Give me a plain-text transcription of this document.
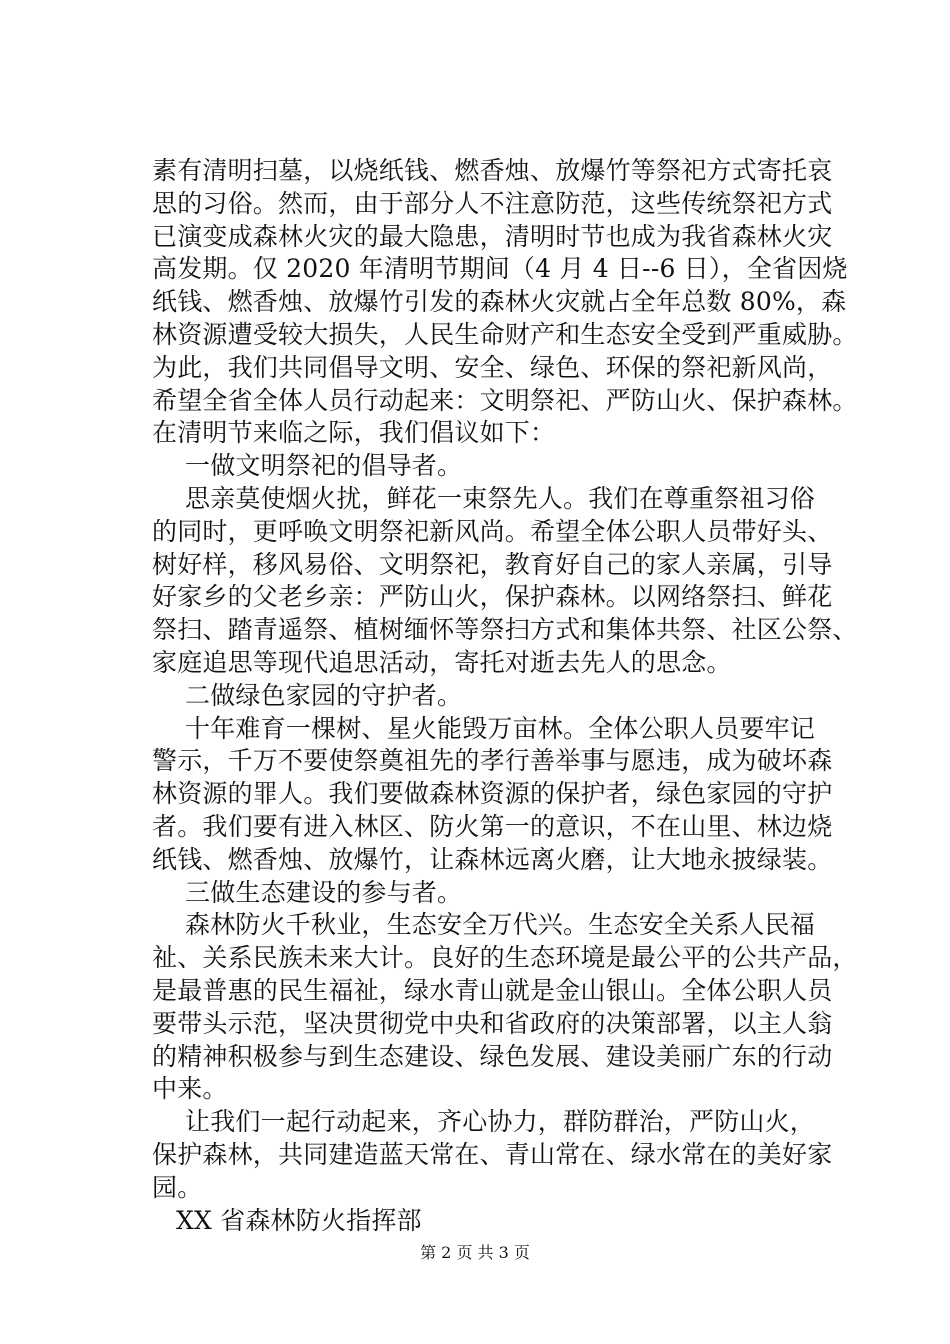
素有清明扫墓，以烧纸钱、燃香烛、放爆竹等祭祀方式寄托哀
思的习俗。然而，由于部分人不注意防范，这些传统祭祀方式
已演变成森林火灾的最大隐患，清明时节也成为我省森林火灾
高发期。仅 2020 年清明节期间（4 月 4 日--6 日），全省因烧
纸钱、燃香烛、放爆竹引发的森林火灾就占全年总数 80%，森
林资源遭受较大损失，人民生命财产和生态安全受到严重威胁。
为此，我们共同倡导文明、安全、绿色、环保的祭祀新风尚，
希望全省全体人员行动起来：文明祭祀、严防山火、保护森林。
在清明节来临之际，我们倡议如下：
一做文明祭祀的倡导者。
思亲莫使烟火扰，鲜花一束祭先人。我们在尊重祭祖习俗
的同时，更呼唤文明祭祀新风尚。希望全体公职人员带好头、
树好样，移风易俗、文明祭祀，教育好自己的家人亲属，引导
好家乡的父老乡亲：严防山火，保护森林。以网络祭扫、鲜花
祭扫、踏青遥祭、植树缅怀等祭扫方式和集体共祭、社区公祭、
家庭追思等现代追思活动，寄托对逝去先人的思念。
二做绿色家园的守护者。
十年难育一棵树、星火能毁万亩林。全体公职人员要牢记
警示，千万不要使祭奠祖先的孝行善举事与愿违，成为破坏森
林资源的罪人。我们要做森林资源的保护者，绿色家园的守护
者。我们要有进入林区、防火第一的意识，不在山里、林边烧
纸钱、燃香烛、放爆竹，让森林远离火磨，让大地永披绿装。
三做生态建设的参与者。
森林防火千秋业，生态安全万代兴。生态安全关系人民福
祉、关系民族未来大计。良好的生态环境是最公平的公共产品，
是最普惠的民生福祉，绿水青山就是金山银山。全体公职人员
要带头示范，坚决贯彻党中央和省政府的决策部署，以主人翁
的精神积极参与到生态建设、绿色发展、建设美丽广东的行动
中来。
让我们一起行动起来，齐心协力，群防群治，严防山火，
保护森林，共同建造蓝天常在、青山常在、绿水常在的美好家
园。
XX 省森林防火指挥部
第 2 页 共 3 页
